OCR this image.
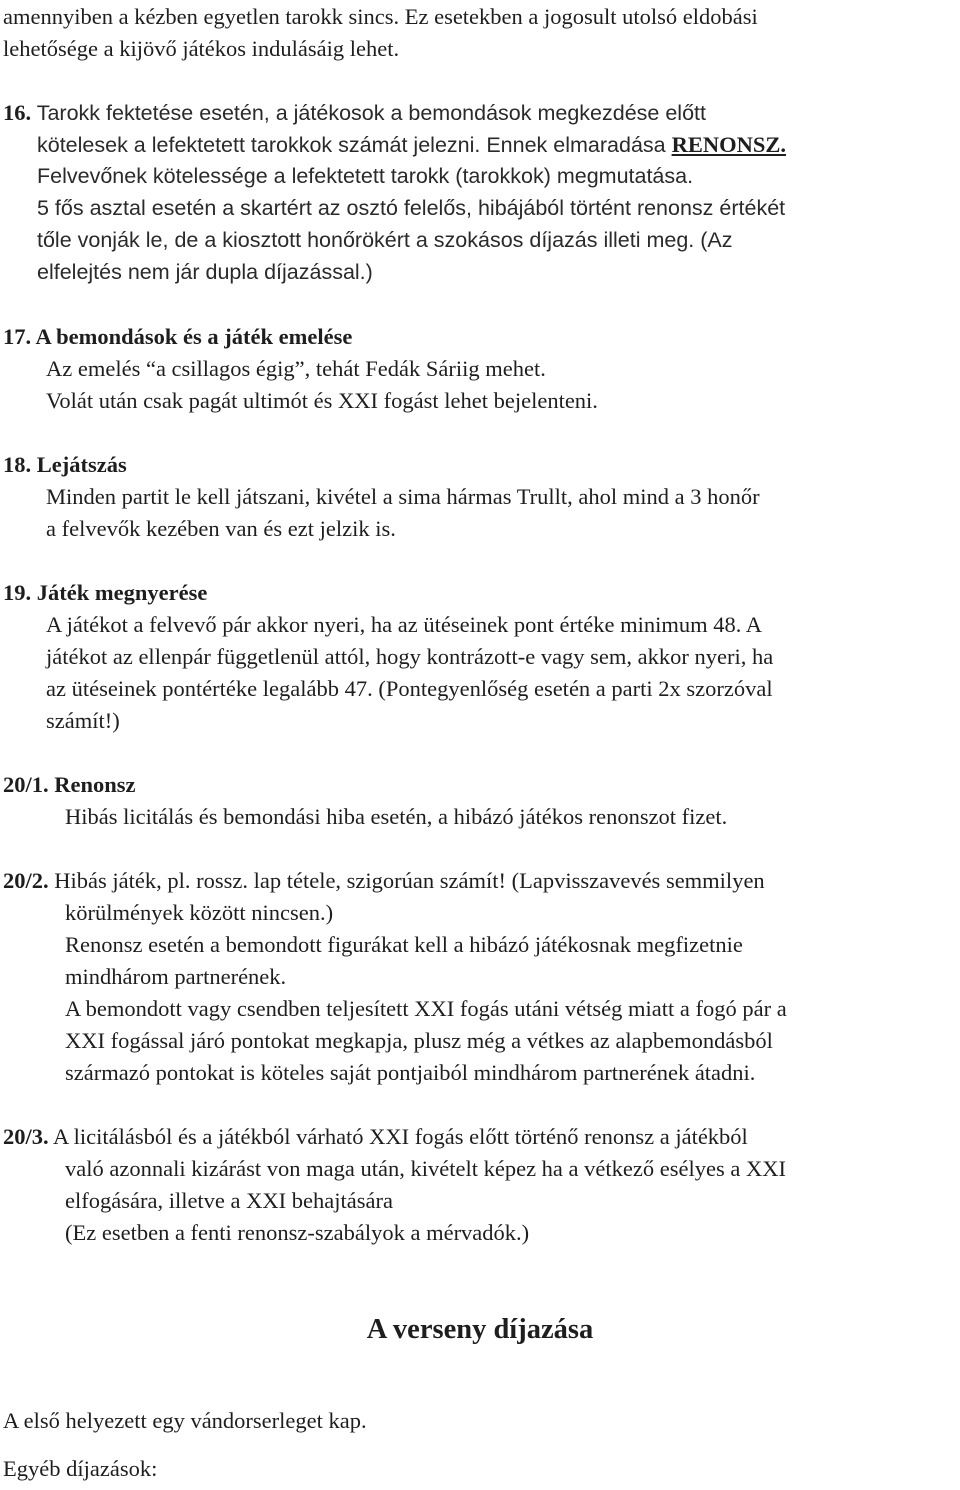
amennyiben a kézben egyetlen tarokk sincs. Ez esetekben a jogosult utolsó eldobási
lehetősége a kijövő játékos indulásáig lehet.
16. Tarokk fektetése esetén, a játékosok a bemondások megkezdése előtt
kötelesek a lefektetett tarokkok számát jelezni. Ennek elmaradása RENONSZ.
Felvevőnek kötelessége a lefektetett tarokk (tarokkok) megmutatása.
5 fős asztal esetén a skartért az osztó felelős, hibájából történt renonsz értékét
tőle vonják le, de a kiosztott honőrökért a szokásos díjazás illeti meg. (Az
elfelejtés nem jár dupla díjazással.)
17. A bemondások és a játék emelése
Az emelés “a csillagos égig”, tehát Fedák Sáriig mehet.
Volát után csak pagát ultimót és XXI fogást lehet bejelenteni.
18. Lejátszás
Minden partit le kell játszani, kivétel a sima hármas Trullt, ahol mind a 3 honőr
a felvevők kezében van és ezt jelzik is.
19. Játék megnyerése
A játékot a felvevő pár akkor nyeri, ha az ütéseinek pont értéke minimum 48. A
játékot az ellenpár függetlenül attól, hogy kontrázott-e vagy sem, akkor nyeri, ha
az ütéseinek pontértéke legalább 47. (Pontegyenlőség esetén a parti 2x szorzóval
számít!)
20/1. Renonsz
Hibás licitálás és bemondási hiba esetén, a hibázó játékos renonszot fizet.
20/2. Hibás játék, pl. rossz. lap tétele, szigorúan számít! (Lapvisszavevés semmilyen
körülmények között nincsen.)
Renonsz esetén a bemondott figurákat kell a hibázó játékosnak megfizetnie
mindhárom partnerének.
A bemondott vagy csendben teljesített XXI fogás utáni vétség miatt a fogó pár a
XXI fogással járó pontokat megkapja, plusz még a vétkes az alapbemondásból
származó pontokat is köteles saját pontjaiból mindhárom partnerének átadni.
20/3. A licitálásból és a játékból várható XXI fogás előtt történő renonsz a játékból
való azonnali kizárást von maga után, kivételt képez ha a vétkező esélyes a XXI
elfogására, illetve a XXI behajtására
(Ez esetben a fenti renonsz-szabályok a mérvadók.)
A verseny díjazása
A első helyezett egy vándorserleget kap.
Egyéb díjazások:
